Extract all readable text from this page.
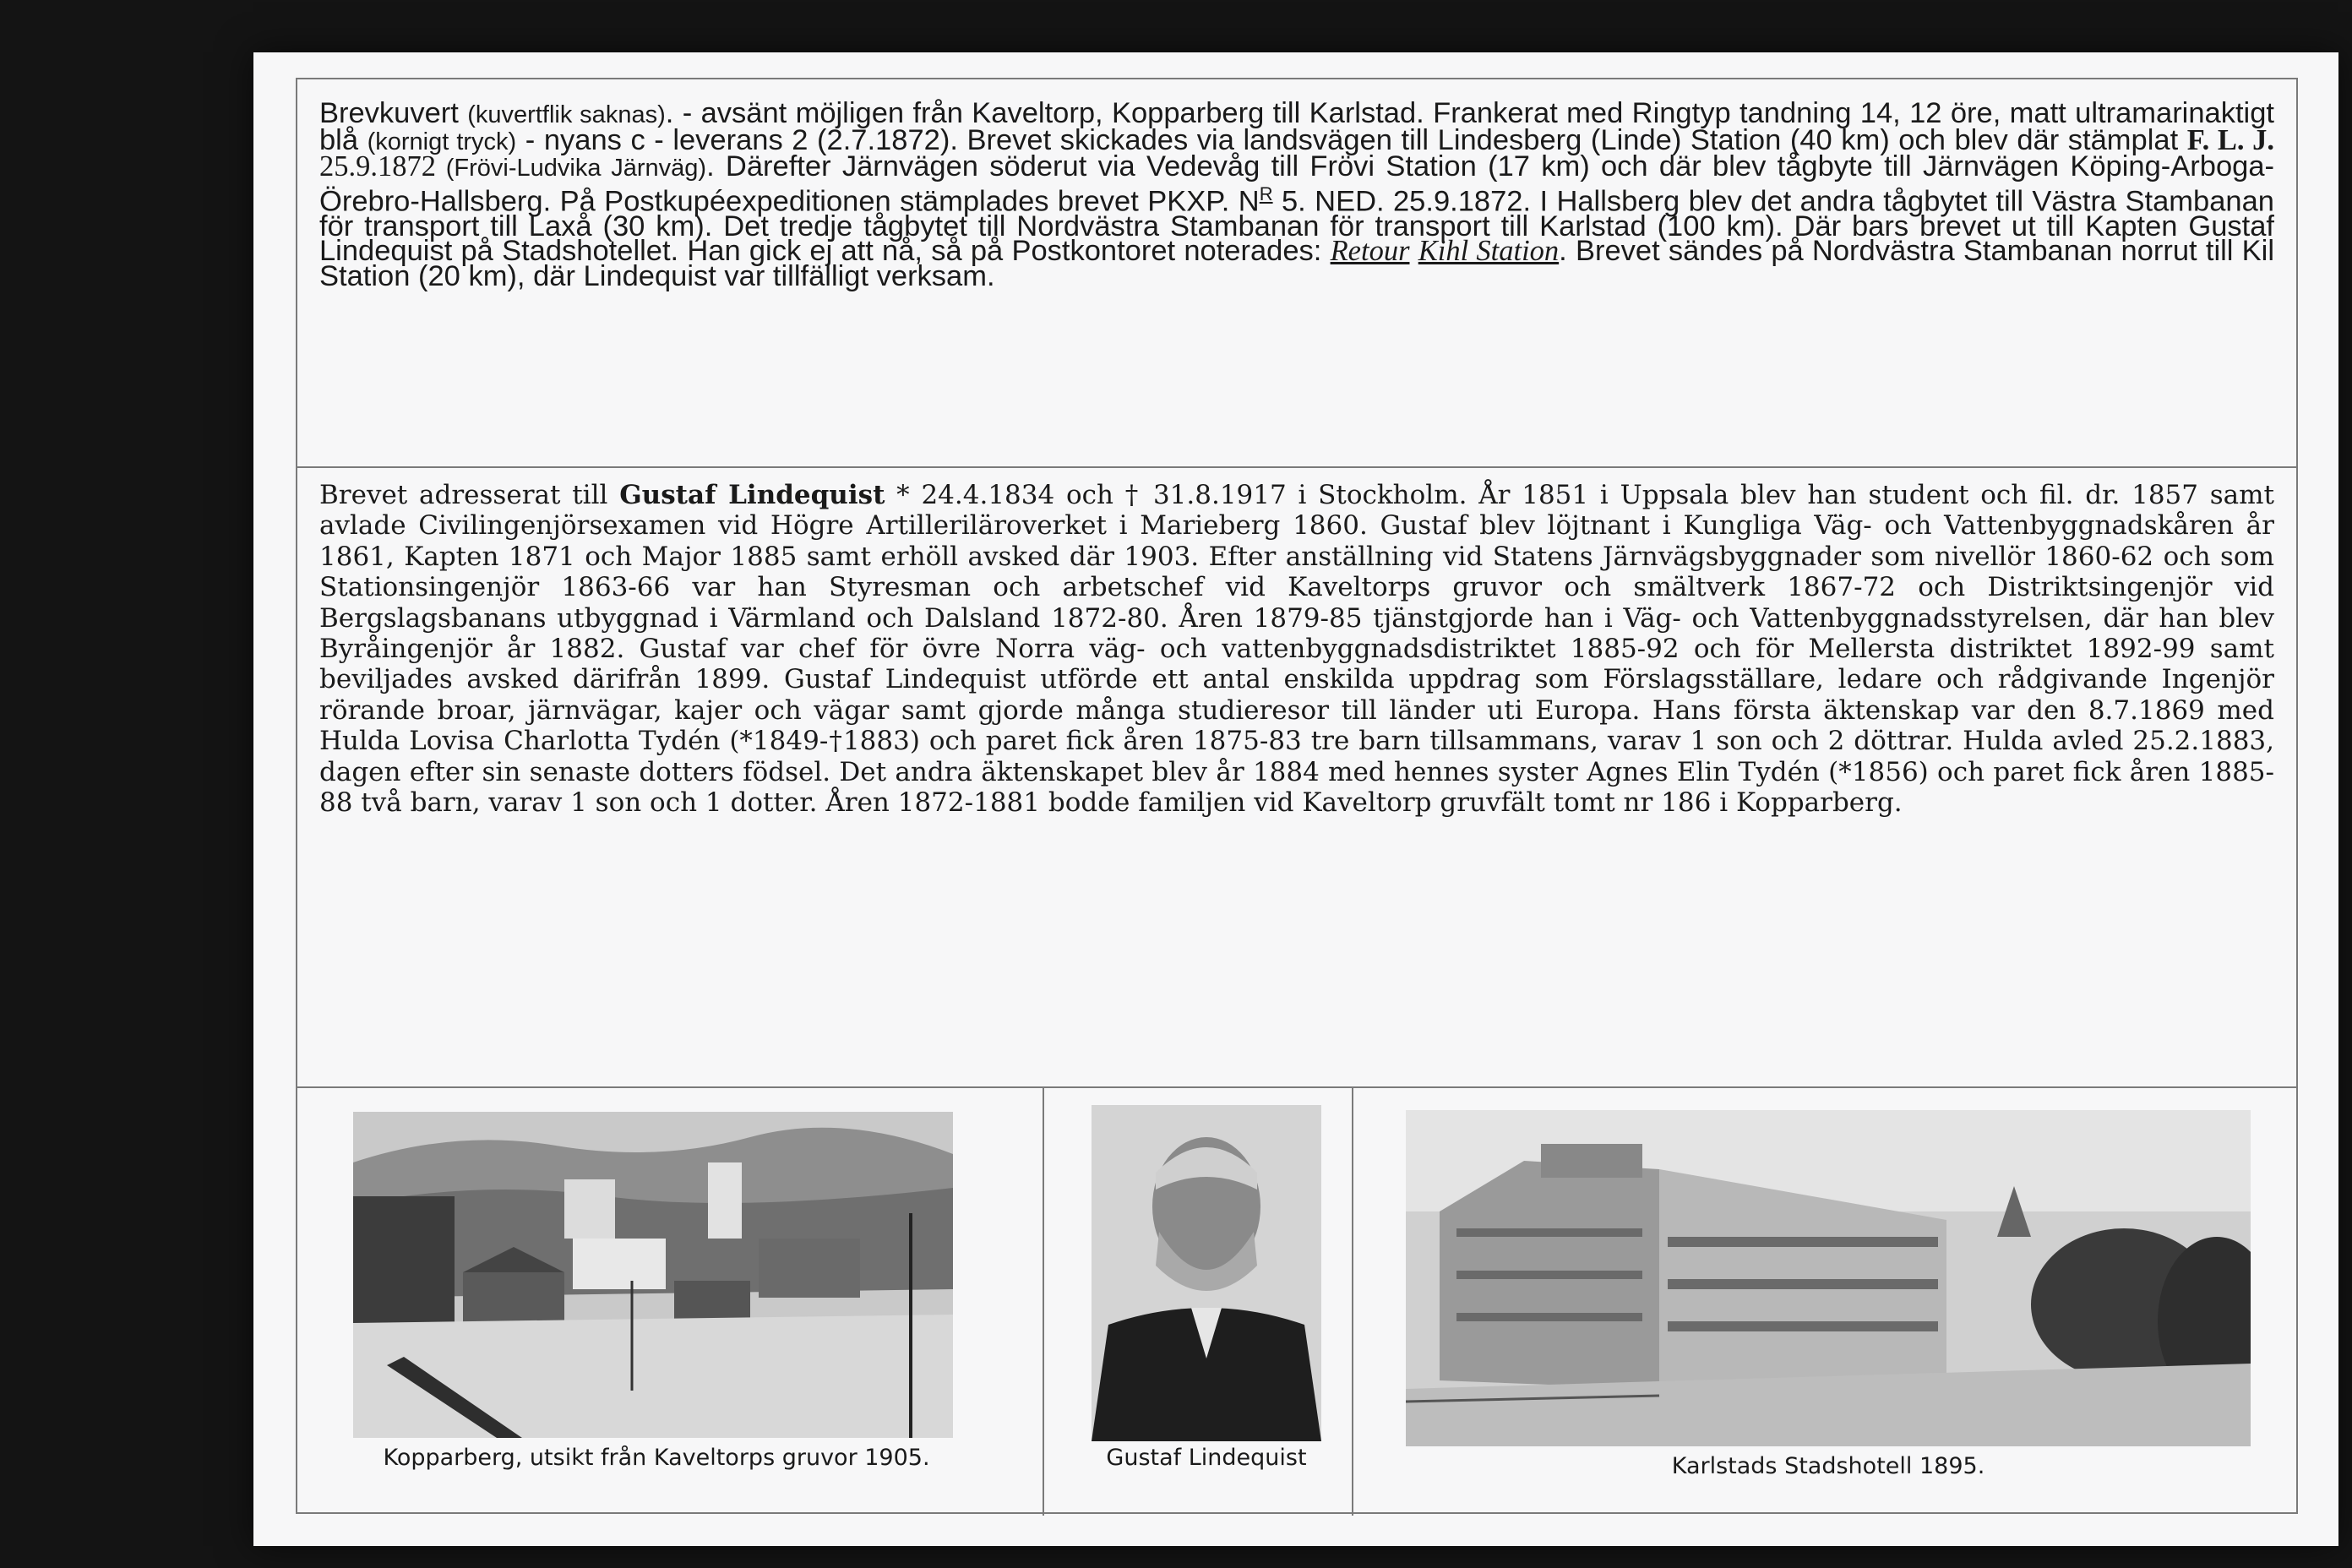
Brevkuvert (kuvertflik saknas). - avsänt möjligen från Kaveltorp, Kopparberg till Karlstad. Frankerat med Ringtyp tandning 14, 12 öre, matt ultramarinaktigt blå (kornigt tryck) - nyans c - leverans 2 (2.7.1872). Brevet skickades via landsvägen till Lindesberg (Linde) Station (40 km) och blev där stämplat F. L. J. 25.9.1872 (Frövi-Ludvika Järnväg). Därefter Järnvägen söderut via Vedevåg till Frövi Station (17 km) och där blev tågbyte till Järnvägen Köping-Arboga-Örebro-Hallsberg. På Postkupéexpeditionen stämplades brevet PKXP. $N^R$ 5. NED. 25.9.1872. I Hallsberg blev det andra tågbytet till Västra Stambanan för transport till Laxå (30 km). Det tredje tågbytet till Nordvästra Stambanan för transport till Karlstad (100 km). Där bars brevet ut till Kapten Gustaf Lindequist på Stadshotellet. Han gick ej att nå, så på Postkontoret noterades: Retour Kihl Station. Brevet sändes på Nordvästra Stambanan norrut till Kil Station (20 km), där Lindequist var tillfälligt verksam.

Brevet adresserat till Gustaf Lindequist * 24.4.1834 och † 31.8.1917 i Stockholm. År 1851 i Uppsala blev han student och fil. dr. 1857 samt avlade Civilingenjörsexamen vid Högre Artilleriläroverket i Marieberg 1860. Gustaf blev löjtnant i Kungliga Väg- och Vattenbyggnadskåren år 1861, Kapten 1871 och Major 1885 samt erhöll avsked där 1903. Efter anställning vid Statens Järnvägsbyggnader som nivellör 1860-62 och som Stationsingenjör 1863-66 var han Styresman och arbetschef vid Kaveltorps gruvor och smältverk 1867-72 och Distriktsingenjör vid Bergslagsbanans utbyggnad i Värmland och Dalsland 1872-80. Åren 1879-85 tjänstgjorde han i Väg- och Vattenbyggnadsstyrelsen, där han blev Byråingenjör år 1882. Gustaf var chef för övre Norra väg- och vattenbyggnadsdistriktet 1885-92 och för Mellersta distriktet 1892-99 samt beviljades avsked därifrån 1899. Gustaf Lindequist utförde ett antal enskilda uppdrag som Förslagsställare, ledare och rådgivande Ingenjör rörande broar, järnvägar, kajer och vägar samt gjorde många studieresor till länder uti Europa. Hans första äktenskap var den 8.7.1869 med Hulda Lovisa Charlotta Tydén (*1849-†1883) och paret fick åren 1875-83 tre barn tillsammans, varav 1 son och 2 döttrar. Hulda avled 25.2.1883, dagen efter sin senaste dotters födsel. Det andra äktenskapet blev år 1884 med hennes syster Agnes Elin Tydén (*1856) och paret fick åren 1885-88 två barn, varav 1 son och 1 dotter. Åren 1872-1881 bodde familjen vid Kaveltorp gruvfält tomt nr 186 i Kopparberg.

Kopparberg, utsikt från Kaveltorps gruvor 1905.	Gustaf Lindequist	Karlstads Stadshotell 1895.
